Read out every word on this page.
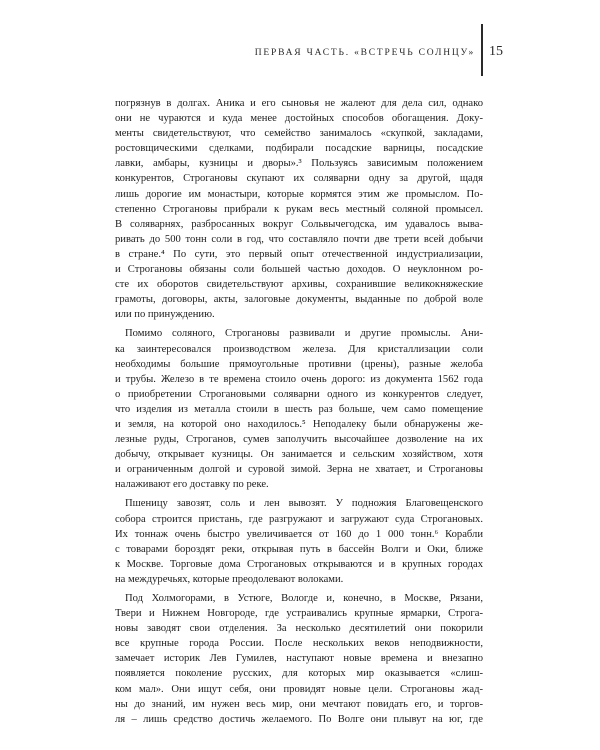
ПЕРВАЯ ЧАСТЬ. «ВСТРЕЧЬ СОЛНЦУ» 15
погрязнув в долгах. Аника и его сыновья не жалеют для дела сил, однако
они не чураются и куда менее достойных способов обогащения. Доку-
менты свидетельствуют, что семейство занималось «скупкой, закладами,
ростовщическими сделками, подбирали посадские варницы, посадские
лавки, амбары, кузницы и дворы».³ Пользуясь зависимым положением
конкурентов, Строгановы скупают их соляварни одну за другой, щадя
лишь дорогие им монастыри, которые кормятся этим же промыслом. По-
степенно Строгановы прибрали к рукам весь местный соляной промысел.
В соляварнях, разбросанных вокруг Сольвычегодска, им удавалось выва-
ривать до 500 тонн соли в год, что составляло почти две трети всей добычи
в стране.⁴ По сути, это первый опыт отечественной индустриализации,
и Строгановы обязаны соли большей частью доходов. О неуклонном ро-
сте их оборотов свидетельствуют архивы, сохранившие великокняжеские
грамоты, договоры, акты, залоговые документы, выданные по доброй воле
или по принуждению.
Помимо соляного, Строгановы развивали и другие промыслы. Ани-
ка заинтересовался производством железа. Для кристаллизации соли
необходимы большие прямоугольные противни (црены), разные желоба
и трубы. Железо в те времена стоило очень дорого: из документа 1562 года
о приобретении Строгановыми соляварни одного из конкурентов следует,
что изделия из металла стоили в шесть раз больше, чем само помещение
и земля, на которой оно находилось.⁵ Неподалеку были обнаружены же-
лезные руды, Строганов, сумев заполучить высочайшее дозволение на их
добычу, открывает кузницы. Он занимается и сельским хозяйством, хотя
и ограниченным долгой и суровой зимой. Зерна не хватает, и Строгановы
налаживают его доставку по реке.
Пшеницу завозят, соль и лен вывозят. У подножия Благовещенского
собора строится пристань, где разгружают и загружают суда Строгановых.
Их тоннаж очень быстро увеличивается от 160 до 1 000 тонн.⁶ Корабли
с товарами бороздят реки, открывая путь в бассейн Волги и Оки, ближе
к Москве. Торговые дома Строгановых открываются и в крупных городах
на междуречьях, которые преодолевают волоками.
Под Холмогорами, в Устюге, Вологде и, конечно, в Москве, Рязани,
Твери и Нижнем Новгороде, где устраивались крупные ярмарки, Строга-
новы заводят свои отделения. За несколько десятилетий они покорили
все крупные города России. После нескольких веков неподвижности,
замечает историк Лев Гумилев, наступают новые времена и внезапно
появляется поколение русских, для которых мир оказывается «слиш-
ком мал». Они ищут себя, они провидят новые цели. Строгановы жад-
ны до знаний, им нужен весь мир, они мечтают повидать его, и торгов-
ля – лишь средство достичь желаемого. По Волге они плывут на юг, где
